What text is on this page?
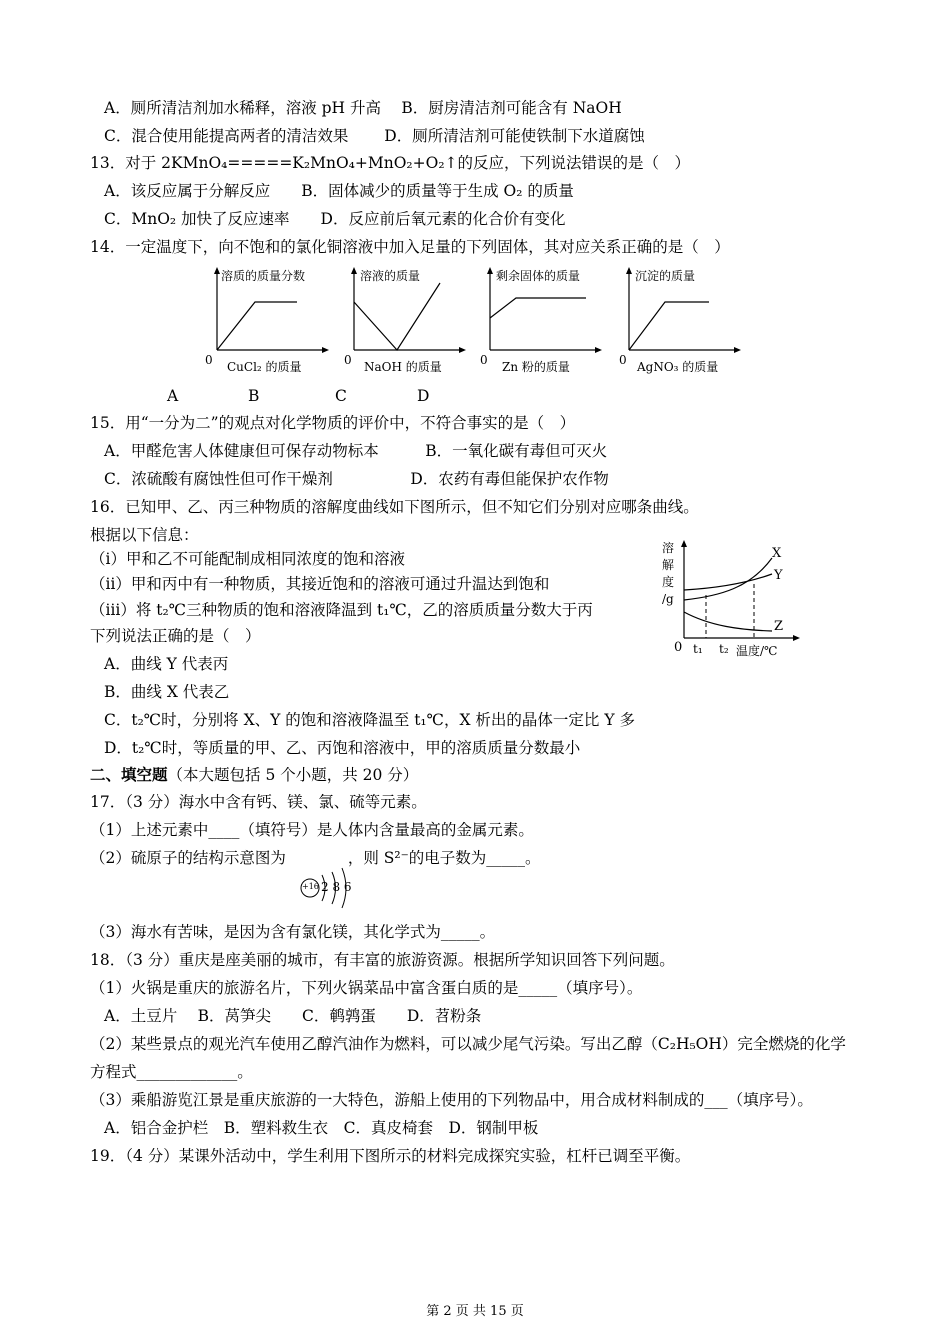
A．厕所清洁剂加水稀释，溶液 pH 升高　 B．厨房清洁剂可能含有 NaOH
C．混合使用能提高两者的清洁效果　　 D．厕所清洁剂可能使铁制下水道腐蚀
13．对于 2KMnO₄=====K₂MnO₄+MnO₂+O₂↑的反应，下列说法错误的是（　）
A．该反应属于分解反应　　B．固体减少的质量等于生成 O₂ 的质量
C．MnO₂ 加快了反应速率　　D．反应前后氧元素的化合价有变化
14．一定温度下，向不饱和的氯化铜溶液中加入足量的下列固体，其对应关系正确的是（　）
溶质的质量分数
0 CuCl₂ 的质量
A
溶液的质量
0 NaOH 的质量
B
剩余固体的质量
0 Zn 粉的质量
C
沉淀的质量
0 AgNO₃ 的质量
D
15．用“一分为二”的观点对化学物质的评价中，不符合事实的是（　）
A．甲醛危害人体健康但可保存动物标本　　　B．一氧化碳有毒但可灭火
C．浓硫酸有腐蚀性但可作干燥剂　　　　　D．农药有毒但能保护农作物
16．已知甲、乙、丙三种物质的溶解度曲线如下图所示，但不知它们分别对应哪条曲线。
根据以下信息：
（ⅰ）甲和乙不可能配制成相同浓度的饱和溶液
（ⅱ）甲和丙中有一种物质，其接近饱和的溶液可通过升温达到饱和
（ⅲ）将 t₂℃三种物质的饱和溶液降温到 t₁℃，乙的溶质质量分数大于丙
下列说法正确的是（　）
A．曲线 Y 代表丙
B．曲线 X 代表乙
C．t₂℃时，分别将 X、Y 的饱和溶液降温至 t₁℃，X 析出的晶体一定比 Y 多
D．t₂℃时，等质量的甲、乙、丙饱和溶液中，甲的溶质质量分数最小
溶
解
度
/g
X
Y
Z
0 t₁ t₂ 温度/℃
二、填空题（本大题包括 5 个小题，共 20 分）
17．（3 分）海水中含有钙、镁、氯、硫等元素。
（1）上述元素中____（填符号）是人体内含量最高的金属元素。
（2）硫原子的结构示意图为　　　　，则 S²⁻的电子数为_____。
+16 2 8 6
（3）海水有苦味，是因为含有氯化镁，其化学式为_____。
18．（3 分）重庆是座美丽的城市，有丰富的旅游资源。根据所学知识回答下列问题。
（1）火锅是重庆的旅游名片，下列火锅菜品中富含蛋白质的是_____（填序号）。
A．土豆片　 B．莴笋尖　　C．鹌鹑蛋　　D．苕粉条
（2）某些景点的观光汽车使用乙醇汽油作为燃料，可以减少尾气污染。写出乙醇（C₂H₅OH）完全燃烧的化学
方程式_____________。
（3）乘船游览江景是重庆旅游的一大特色，游船上使用的下列物品中，用合成材料制成的___（填序号）。
A．铝合金护栏　B．塑料救生衣　C．真皮椅套　D．钢制甲板
19．（4 分）某课外活动中，学生利用下图所示的材料完成探究实验，杠杆已调至平衡。
第 2 页 共 15 页
